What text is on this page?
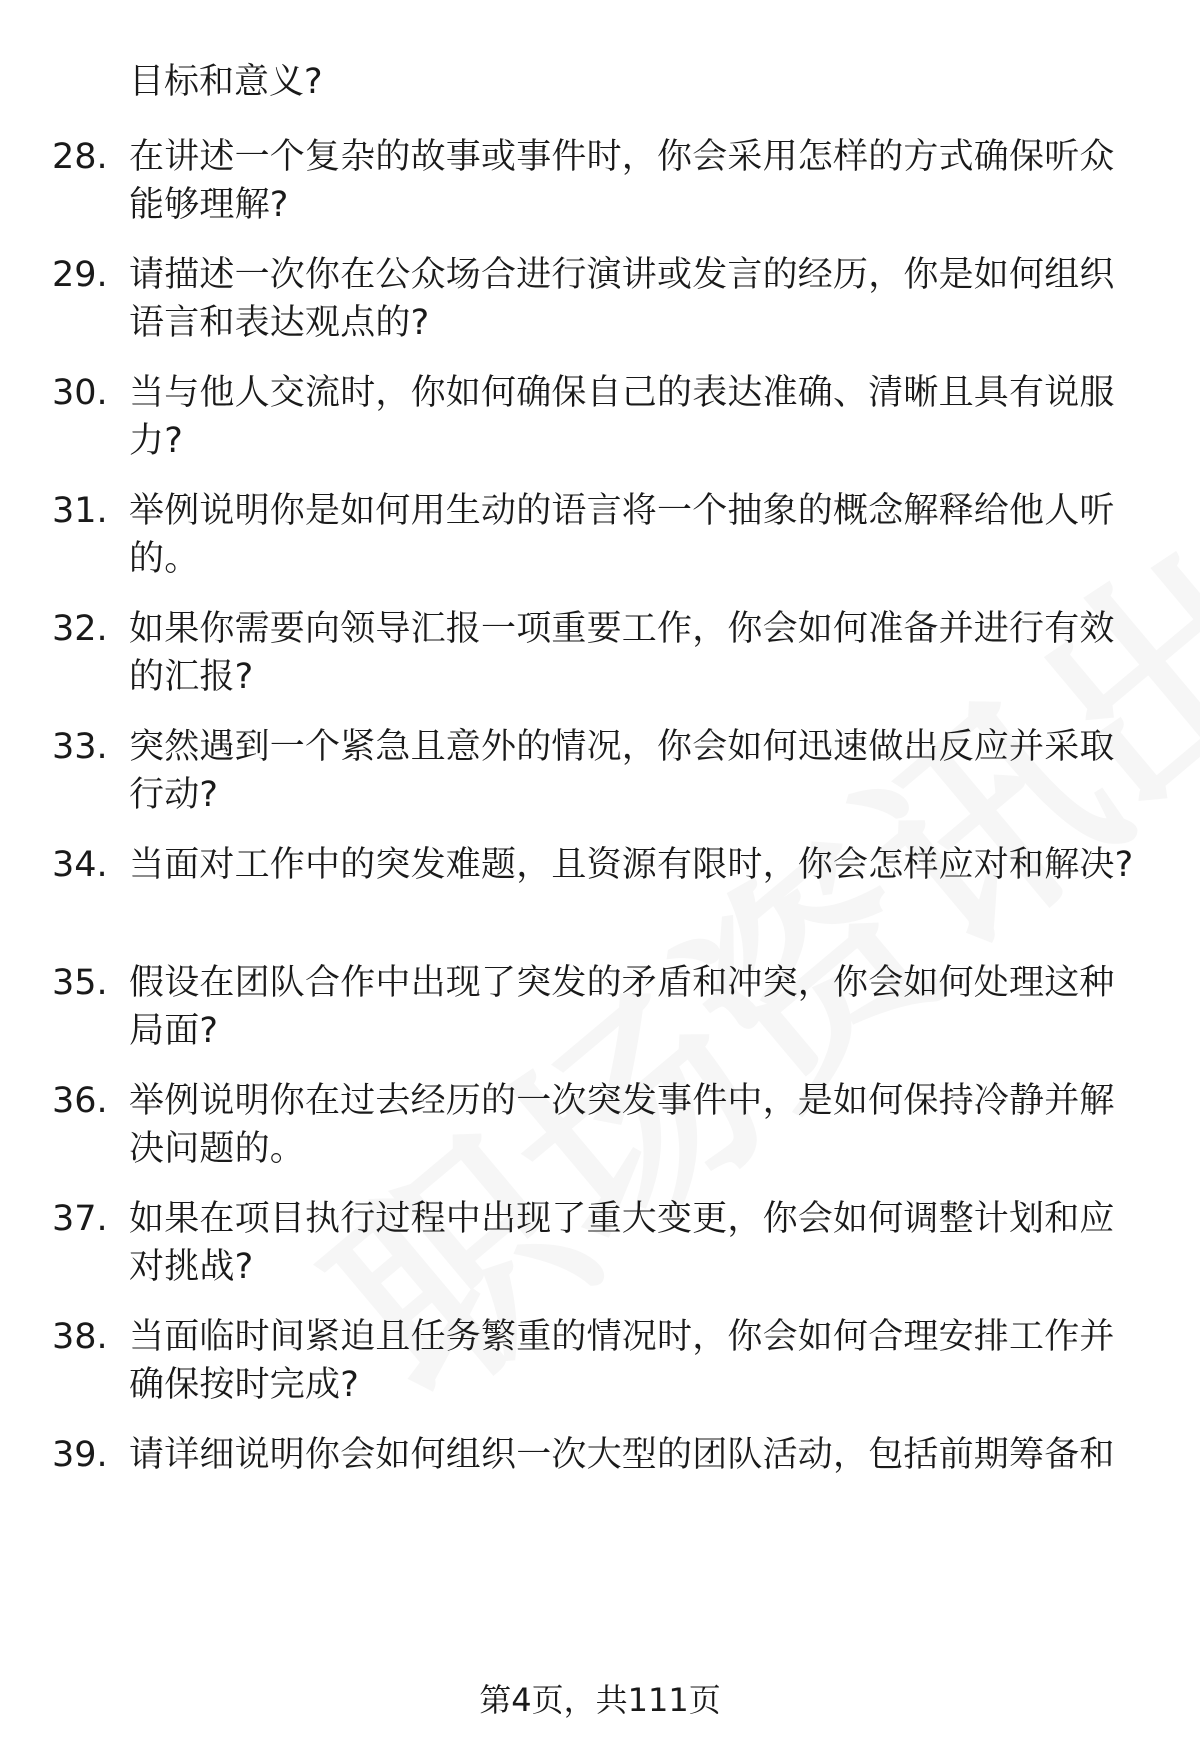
目标和意义?
28. 在讲述一个复杂的故事或事件时，你会采用怎样的方式确保听众能够理解?
29. 请描述一次你在公众场合进行演讲或发言的经历，你是如何组织语言和表达观点的?
30. 当与他人交流时，你如何确保自己的表达准确、清晰且具有说服力?
31. 举例说明你是如何用生动的语言将一个抽象的概念解释给他人听的。
32. 如果你需要向领导汇报一项重要工作，你会如何准备并进行有效的汇报?
33. 突然遇到一个紧急且意外的情况，你会如何迅速做出反应并采取行动?
34. 当面对工作中的突发难题，且资源有限时，你会怎样应对和解决?
35. 假设在团队合作中出现了突发的矛盾和冲突，你会如何处理这种局面?
36. 举例说明你在过去经历的一次突发事件中，是如何保持冷静并解决问题的。
37. 如果在项目执行过程中出现了重大变更，你会如何调整计划和应对挑战?
38. 当面临时间紧迫且任务繁重的情况时，你会如何合理安排工作并确保按时完成?
39. 请详细说明你会如何组织一次大型的团队活动，包括前期筹备和
第4页，共111页
